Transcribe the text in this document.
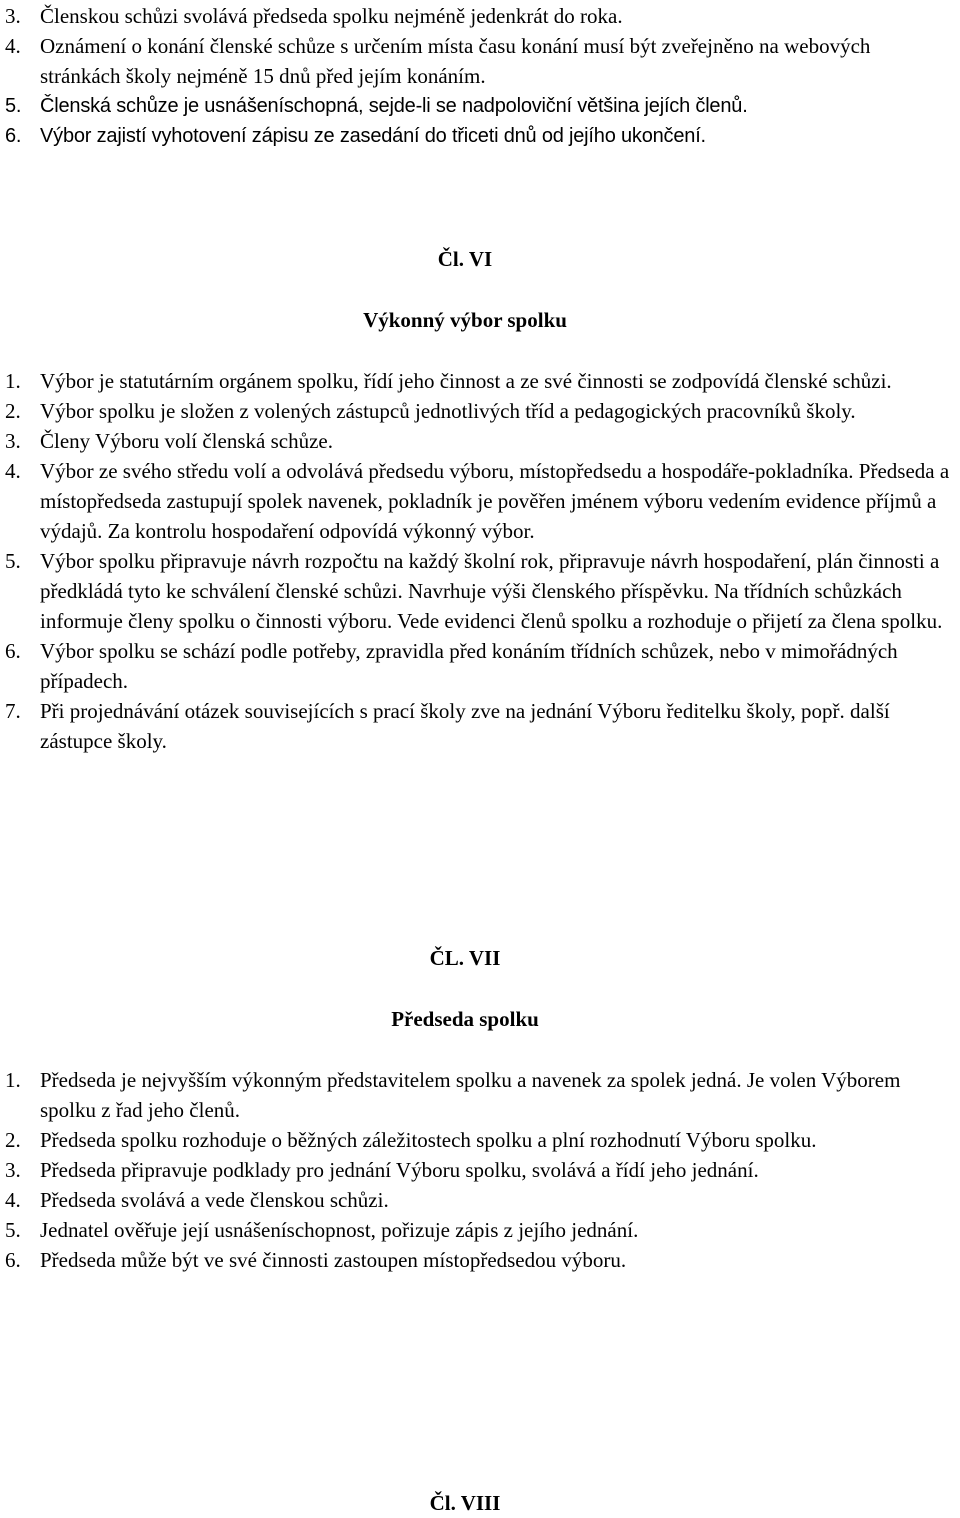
3. Členskou schůzi svolává předseda spolku nejméně jedenkrát do roka.
4. Oznámení o konání členské schůze s určením místa času konání musí být zveřejněno na webových stránkách školy nejméně 15 dnů před jejím konáním.
5. Členská schůze je usnášeníschopná, sejde-li se nadpoloviční většina jejích členů.
6. Výbor zajistí vyhotovení zápisu ze zasedání do třiceti dnů od jejího ukončení.
Čl. VI
Výkonný výbor spolku
1. Výbor je statutárním orgánem spolku, řídí jeho činnost a ze své činnosti se zodpovídá členské schůzi.
2. Výbor spolku je složen z volených zástupců jednotlivých tříd a pedagogických pracovníků školy.
3. Členy Výboru volí členská schůze.
4. Výbor ze svého středu volí a odvolává předsedu výboru, místopředsedu a hospodáře-pokladníka. Předseda a místopředseda zastupují spolek navenek, pokladník je pověřen jménem výboru vedením evidence příjmů a výdajů. Za kontrolu hospodaření odpovídá výkonný výbor.
5. Výbor spolku připravuje návrh rozpočtu na každý školní rok, připravuje návrh hospodaření, plán činnosti a předkládá tyto ke schválení členské schůzi. Navrhuje výši členského příspěvku. Na třídních schůzkách informuje členy spolku o činnosti výboru. Vede evidenci členů spolku a rozhoduje o přijetí za člena spolku.
6. Výbor spolku se schází podle potřeby, zpravidla před konáním třídních schůzek, nebo v mimořádných případech.
7. Při projednávání otázek souvisejících s prací školy zve na jednání Výboru ředitelku školy, popř. další zástupce školy.
ČL. VII
Předseda spolku
1. Předseda je nejvyšším výkonným představitelem spolku a navenek za spolek jedná. Je volen Výborem spolku z řad jeho členů.
2. Předseda spolku rozhoduje o běžných záležitostech spolku a plní rozhodnutí Výboru spolku.
3. Předseda připravuje podklady pro jednání Výboru spolku, svolává a řídí jeho jednání.
4. Předseda svolává a vede členskou schůzi.
5. Jednatel ověřuje její usnášeníschopnost, pořizuje zápis z jejího jednání.
6. Předseda může být ve své činnosti zastoupen místopředsedou výboru.
Čl. VIII
